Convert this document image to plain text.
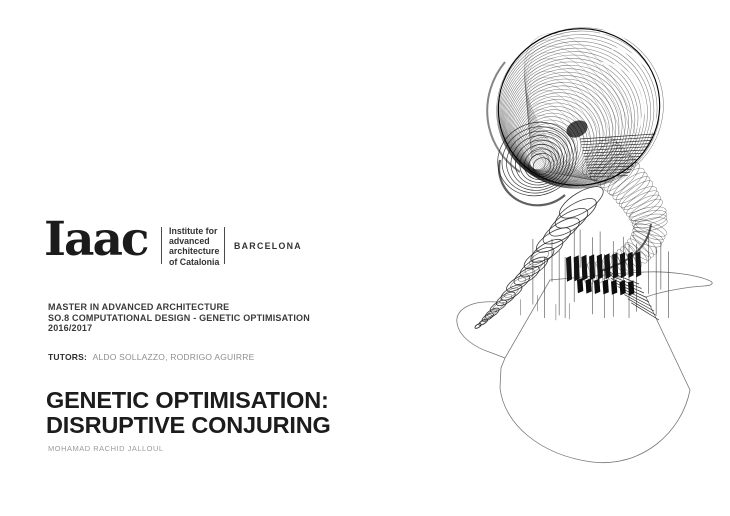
Iaac Institute for
advanced
architecture
of Catalonia
BARCELONA
MASTER IN ADVANCED ARCHITECTURE
SO.8 COMPUTATIONAL DESIGN - GENETIC OPTIMISATION
2016/2017
TUTORS: ALDO SOLLAZZO, RODRIGO AGUIRRE
GENETIC OPTIMISATION:
DISRUPTIVE CONJURING
MOHAMAD RACHID JALLOUL
